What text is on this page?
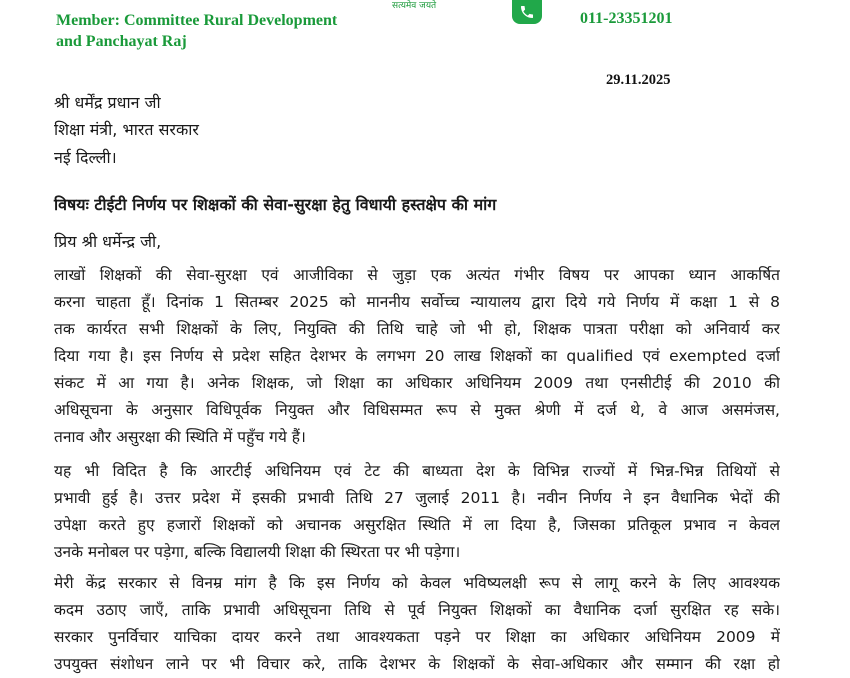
Member: Committee Rural Development
and Panchayat Raj
सत्यमेव जयते
011-23351201
29.11.2025
श्री धर्मेंद्र प्रधान जी
शिक्षा मंत्री, भारत सरकार
नई दिल्ली।
विषयः टीईटी निर्णय पर शिक्षकों की सेवा-सुरक्षा हेतु विधायी हस्तक्षेप की मांग
प्रिय श्री धर्मेन्द्र जी,
लाखों शिक्षकों की सेवा-सुरक्षा एवं आजीविका से जुड़ा एक अत्यंत गंभीर विषय पर आपका ध्यान आकर्षित
करना चाहता हूँ। दिनांक 1 सितम्बर 2025 को माननीय सर्वोच्च न्यायालय द्वारा दिये गये निर्णय में कक्षा 1 से 8
तक कार्यरत सभी शिक्षकों के लिए, नियुक्ति की तिथि चाहे जो भी हो, शिक्षक पात्रता परीक्षा को अनिवार्य कर
दिया गया है। इस निर्णय से प्रदेश सहित देशभर के लगभग 20 लाख शिक्षकों का qualified एवं exempted दर्जा
संकट में आ गया है। अनेक शिक्षक, जो शिक्षा का अधिकार अधिनियम 2009 तथा एनसीटीई की 2010 की
अधिसूचना के अनुसार विधिपूर्वक नियुक्त और विधिसम्मत रूप से मुक्त श्रेणी में दर्ज थे, वे आज असमंजस,
तनाव और असुरक्षा की स्थिति में पहुँच गये हैं।
यह भी विदित है कि आरटीई अधिनियम एवं टेट की बाध्यता देश के विभिन्न राज्यों में भिन्न-भिन्न तिथियों से
प्रभावी हुई है। उत्तर प्रदेश में इसकी प्रभावी तिथि 27 जुलाई 2011 है। नवीन निर्णय ने इन वैधानिक भेदों की
उपेक्षा करते हुए हजारों शिक्षकों को अचानक असुरक्षित स्थिति में ला दिया है, जिसका प्रतिकूल प्रभाव न केवल
उनके मनोबल पर पड़ेगा, बल्कि विद्यालयी शिक्षा की स्थिरता पर भी पड़ेगा।
मेरी केंद्र सरकार से विनम्र मांग है कि इस निर्णय को केवल भविष्यलक्षी रूप से लागू करने के लिए आवश्यक
कदम उठाए जाएँ, ताकि प्रभावी अधिसूचना तिथि से पूर्व नियुक्त शिक्षकों का वैधानिक दर्जा सुरक्षित रह सके।
सरकार पुनर्विचार याचिका दायर करने तथा आवश्यकता पड़ने पर शिक्षा का अधिकार अधिनियम 2009 में
उपयुक्त संशोधन लाने पर भी विचार करे, ताकि देशभर के शिक्षकों के सेवा-अधिकार और सम्मान की रक्षा हो
